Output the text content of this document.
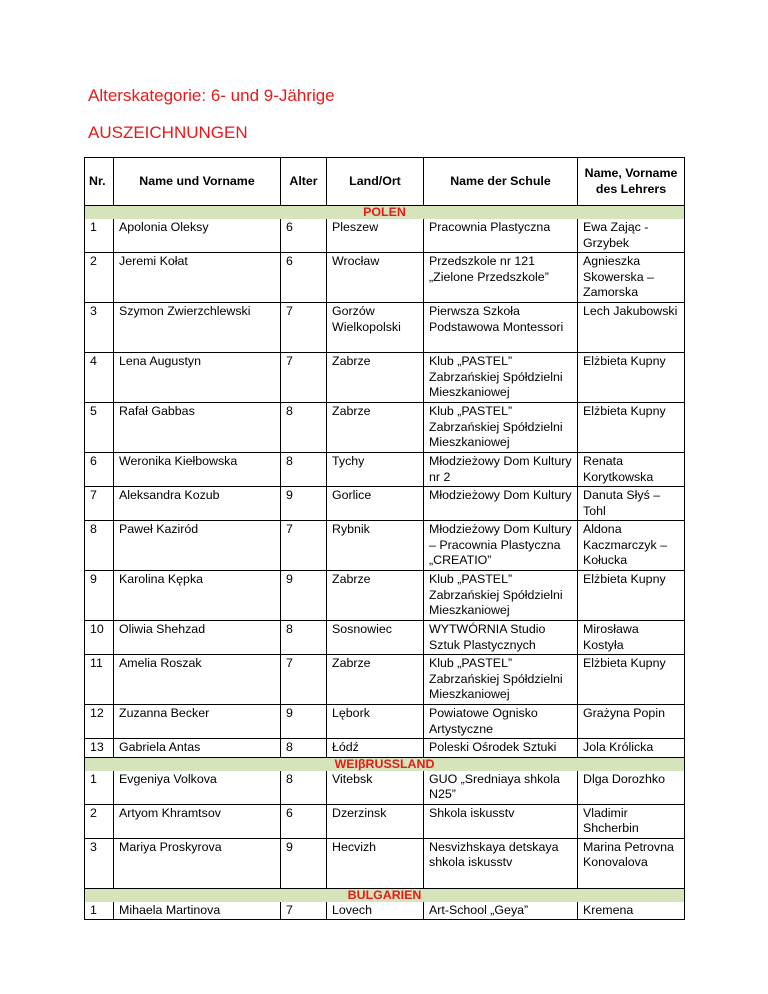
Alterskategorie: 6- und 9-Jährige
AUSZEICHNUNGEN
Nr.	Name und Vorname	Alter	Land/Ort	Name der Schule	Name, Vorname des Lehrers
POLEN					
1	Apolonia Oleksy	6	Pleszew	Pracownia Plastyczna	Ewa Zając - Grzybek
2	Jeremi Kołat	6	Wrocław	Przedszkole nr 121 „Zielone Przedszkole”	Agnieszka Skowerska – Zamorska
3	Szymon Zwierzchlewski	7	Gorzów Wielkopolski	Pierwsza Szkoła Podstawowa Montessori	Lech Jakubowski
4	Lena Augustyn	7	Zabrze	Klub „PASTEL” Zabrzańskiej Spółdzielni Mieszkaniowej	Elżbieta Kupny
5	Rafał Gabbas	8	Zabrze	Klub „PASTEL” Zabrzańskiej Spółdzielni Mieszkaniowej	Elżbieta Kupny
6	Weronika Kiełbowska	8	Tychy	Młodzieżowy Dom Kultury nr 2	Renata Korytkowska
7	Aleksandra Kozub	9	Gorlice	Młodzieżowy Dom Kultury	Danuta Słyś – Tohl
8	Paweł Kaziród	7	Rybnik	Młodzieżowy Dom Kultury – Pracownia Plastyczna „CREATIO”	Aldona Kaczmarczyk – Kołucka
9	Karolina Kępka	9	Zabrze	Klub „PASTEL” Zabrzańskiej Spółdzielni Mieszkaniowej	Elżbieta Kupny
10	Oliwia Shehzad	8	Sosnowiec	WYTWÓRNIA Studio Sztuk Plastycznych	Mirosława Kostyła
11	Amelia Roszak	7	Zabrze	Klub „PASTEL” Zabrzańskiej Spółdzielni Mieszkaniowej	Elżbieta Kupny
12	Zuzanna Becker	9	Lębork	Powiatowe Ognisko Artystyczne	Grażyna Popin
13	Gabriela Antas	8	Łódź	Poleski Ośrodek Sztuki	Jola Królicka
WEIβRUSSLAND					
1	Evgeniya Volkova	8	Vitebsk	GUO „Sredniaya shkola N25”	Dlga Dorozhko
2	Artyom Khramtsov	6	Dzerzinsk	Shkola iskusstv	Vladimir Shcherbin
3	Mariya Proskyrova	9	Hecvizh	Nesvizhskaya detskaya shkola iskusstv	Marina Petrovna Konovalova
BULGARIEN					
1	Mihaela Martinova	7	Lovech	Art-School „Geya”	Kremena
